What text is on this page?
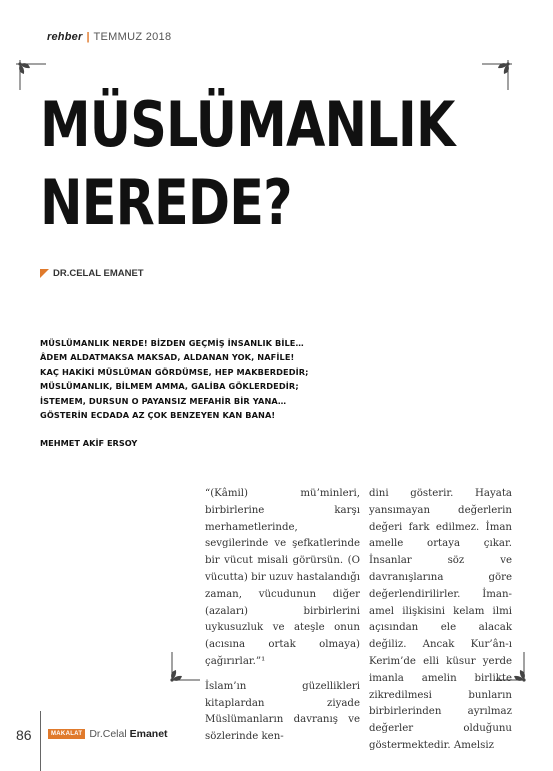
rehber | TEMMUZ 2018
MÜSLÜMANLIK
NEREDE?
DR.CELAL EMANET
MÜSLÜMANLIK NERDE! BİZDEN GEÇMİŞ İNSANLIK BİLE…
ÂDEM ALDATMAKSA MAKSAD, ALDANAN YOK, NAFİLE!
KAÇ HAKİKİ MÜSLÜMAN GÖRDÜMSE, HEP MAKBERDEDİR;
MÜSLÜMANLIK, BİLMEM AMMA, GALİBA GÖKLERDEDİR;
İSTEMEM, DURSUN O PAYANSIZ MEFAHİR BİR YANA…
GÖSTERİN ECDADA AZ ÇOK BENZEYEN KAN BANA!
MEHMET AKİF ERSOY

“(Kâmil) mü’minleri, birbirlerine karşı merhametlerinde, sevgilerinde ve şefkatlerinde bir vücut misali görürsün. (O vücutta) bir uzuv hastalandığı zaman, vücudunun diğer (azaları) birbirlerini uykusuzluk ve ateşle onun (acısına ortak olmaya) çağırırlar.”¹

İslam’ın güzellikleri kitaplardan ziyade Müslümanların davranış ve sözlerinde ken-

dini gösterir. Hayata yansımayan değerlerin değeri fark edilmez. İman amelle ortaya çıkar. İnsanlar söz ve davranışlarına göre değerlendirilirler. İman-amel ilişkisini kelam ilmi açısından ele alacak değiliz. Ancak Kur’ân-ı Kerim’de elli küsur yerde imanla amelin birlikte zikredilmesi bunların birbirlerinden ayrılmaz değerler olduğunu göstermektedir. Amelsiz

86	MAKALAT Dr.Celal Emanet
